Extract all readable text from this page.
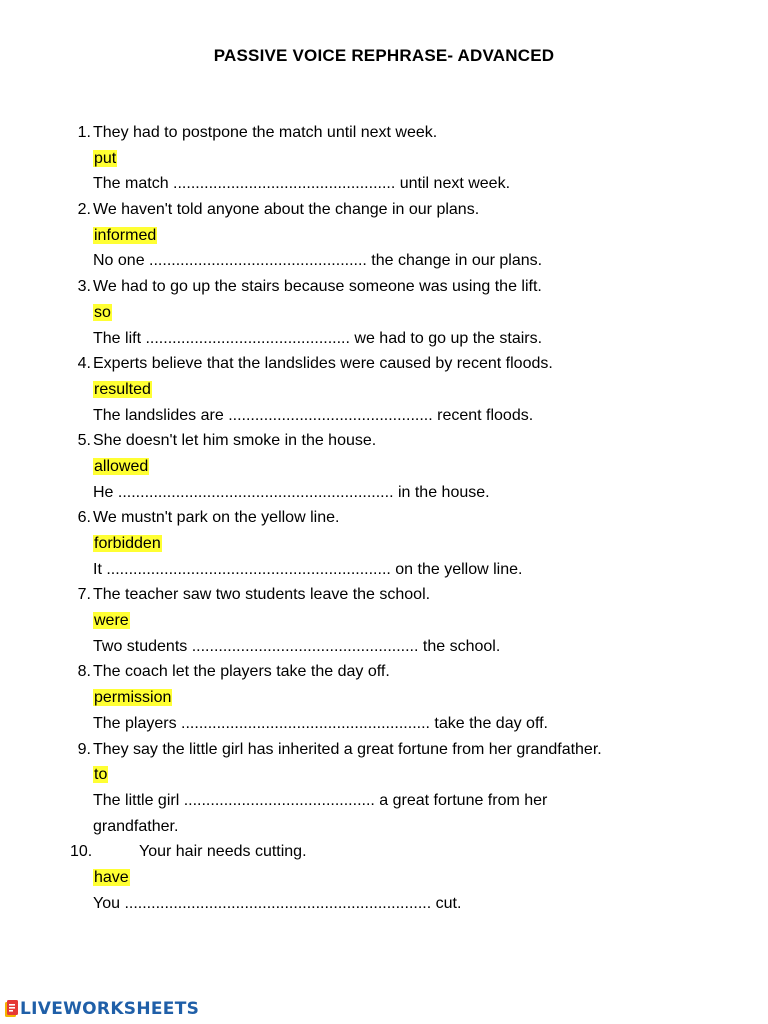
PASSIVE VOICE REPHRASE- ADVANCED
1. They had to postpone the match until next week.
put
The match .................................................. until next week.
2. We haven't told anyone about the change in our plans.
informed
No one ................................................. the change in our plans.
3. We had to go up the stairs because someone was using the lift.
so
The lift .............................................. we had to go up the stairs.
4. Experts believe that the landslides were caused by recent floods.
resulted
The landslides are .............................................. recent floods.
5. She doesn't let him smoke in the house.
allowed
He .............................................................. in the house.
6. We mustn't park on the yellow line.
forbidden
It ................................................................ on the yellow line.
7. The teacher saw two students leave the school.
were
Two students ................................................... the school.
8. The coach let the players take the day off.
permission
The players ........................................................ take the day off.
9. They say the little girl has inherited a great fortune from her grandfather.
to
The little girl ........................................... a great fortune from her
grandfather.
10.	Your hair needs cutting.
have
You ..................................................................... cut.
LIVEWORKSHEETS
